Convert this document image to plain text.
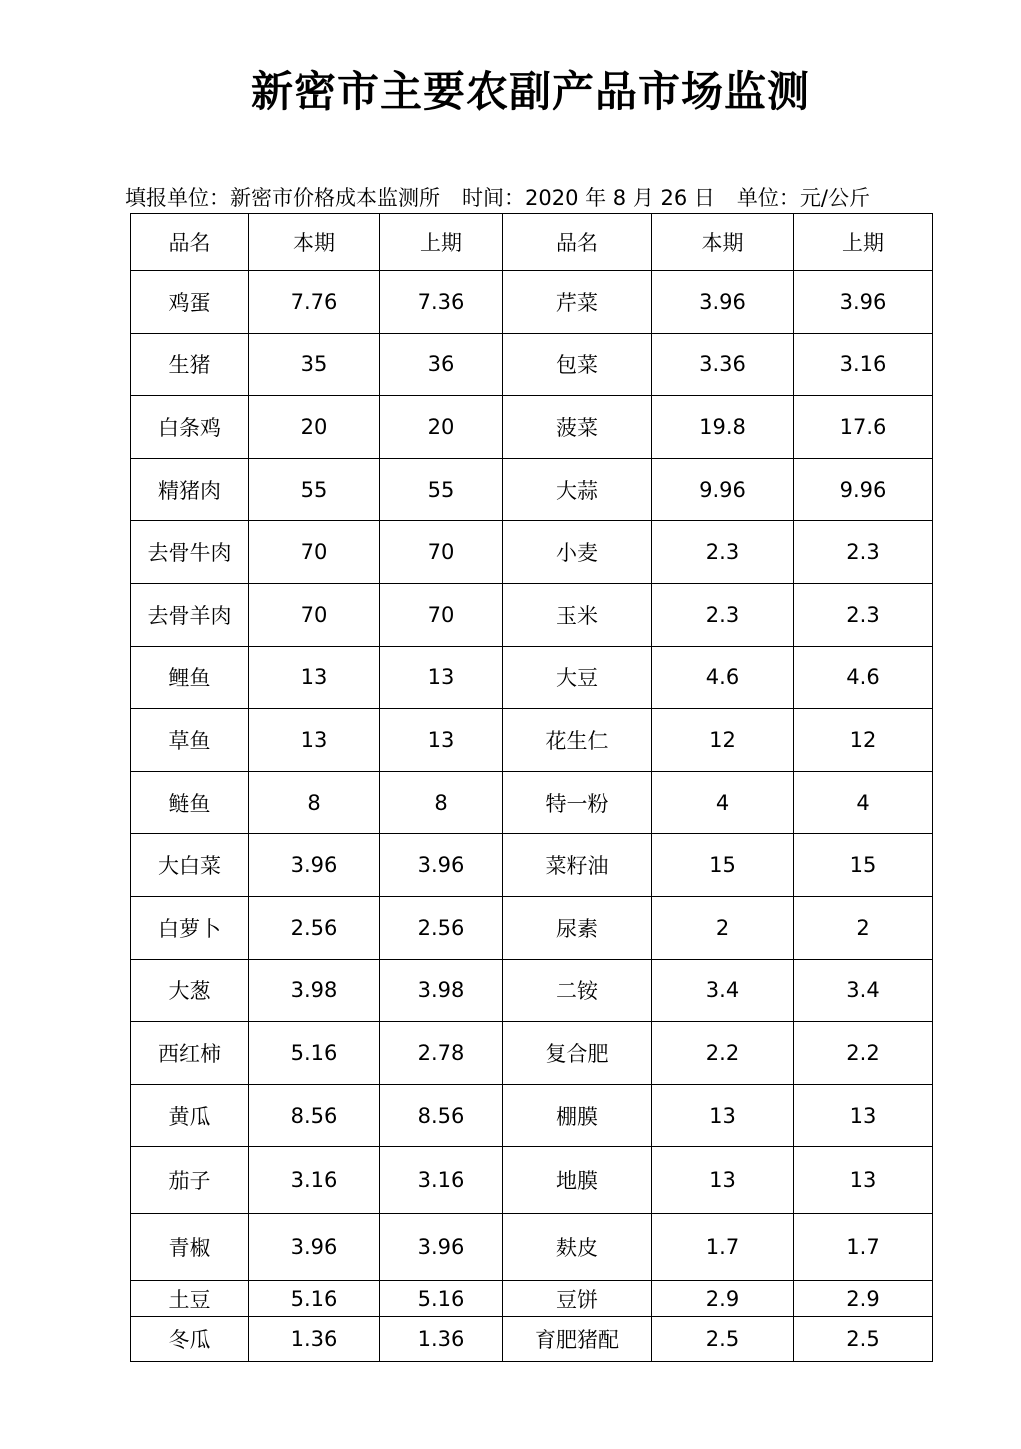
新密市主要农副产品市场监测
填报单位：新密市价格成本监测所 时间：2020 年 8 月 26 日 单位：元/公斤
品名	本期	上期	品名	本期	上期
鸡蛋	7.76	7.36	芹菜	3.96	3.96
生猪	35	36	包菜	3.36	3.16
白条鸡	20	20	菠菜	19.8	17.6
精猪肉	55	55	大蒜	9.96	9.96
去骨牛肉	70	70	小麦	2.3	2.3
去骨羊肉	70	70	玉米	2.3	2.3
鲤鱼	13	13	大豆	4.6	4.6
草鱼	13	13	花生仁	12	12
鲢鱼	8	8	特一粉	4	4
大白菜	3.96	3.96	菜籽油	15	15
白萝卜	2.56	2.56	尿素	2	2
大葱	3.98	3.98	二铵	3.4	3.4
西红柿	5.16	2.78	复合肥	2.2	2.2
黄瓜	8.56	8.56	棚膜	13	13
茄子	3.16	3.16	地膜	13	13
青椒	3.96	3.96	麸皮	1.7	1.7
土豆	5.16	5.16	豆饼	2.9	2.9
冬瓜	1.36	1.36	育肥猪配	2.5	2.5
